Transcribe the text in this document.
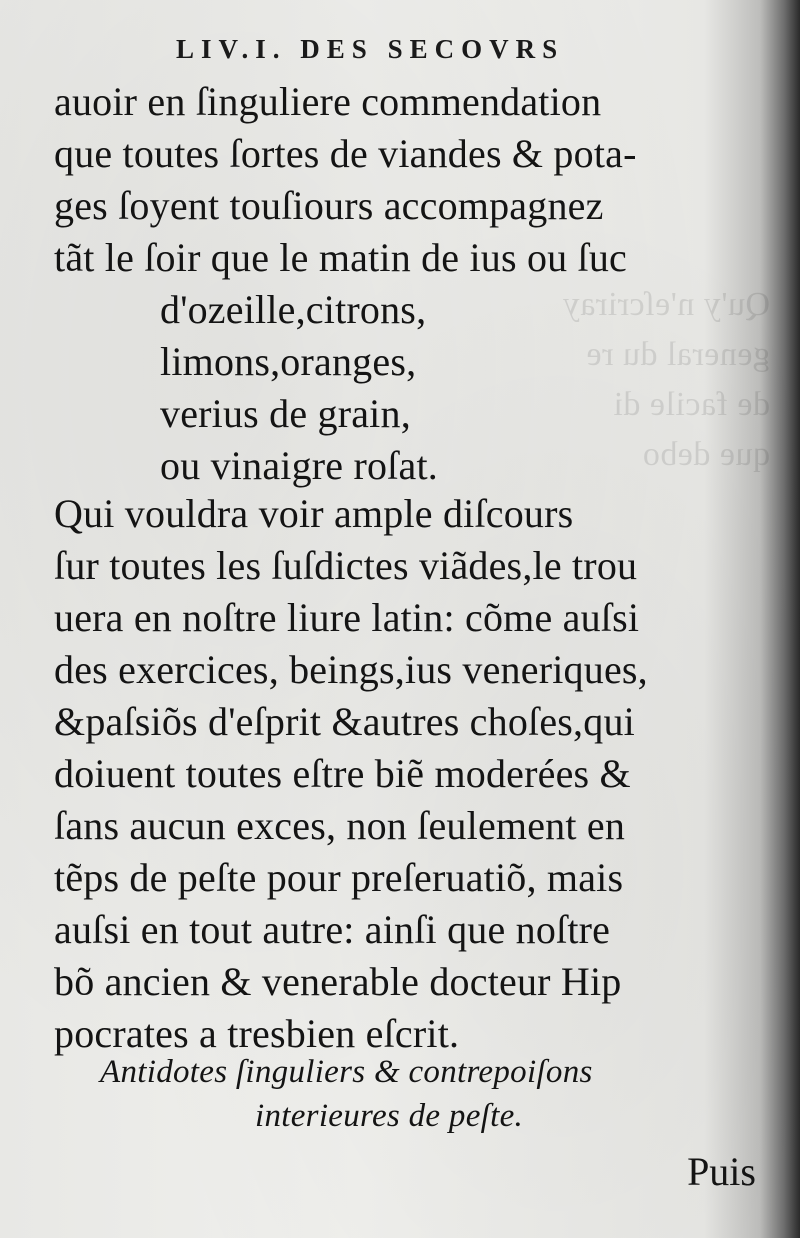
Qu'y n'eſcriray
general du re
de facile di
que debo
LIV.I. DES SECOVRS
auoir en ſinguliere commendation
que toutes ſortes de viandes & pota-
ges ſoyent touſiours accompagnez
tãt le ſoir que le matin de ius ou ſuc
d'ozeille,citrons,
limons,oranges,
verius de grain,
ou vinaigre roſat.
Qui vouldra voir ample diſcours
ſur toutes les ſuſdictes viãdes,le trou
uera en noſtre liure latin: cõme auſsi
des exercices, beings,ius veneriques,
&paſsiõs d'eſprit &autres choſes,qui
doiuent toutes eſtre biẽ moderées &
ſans aucun exces, non ſeulement en
tẽps de peſte pour preſeruatiõ, mais
auſsi en tout autre: ainſi que noſtre
bõ ancien & venerable docteur Hip
pocrates a tresbien eſcrit.
Antidotes ſinguliers & contrepoiſons
interieures de peſte.
Puis
